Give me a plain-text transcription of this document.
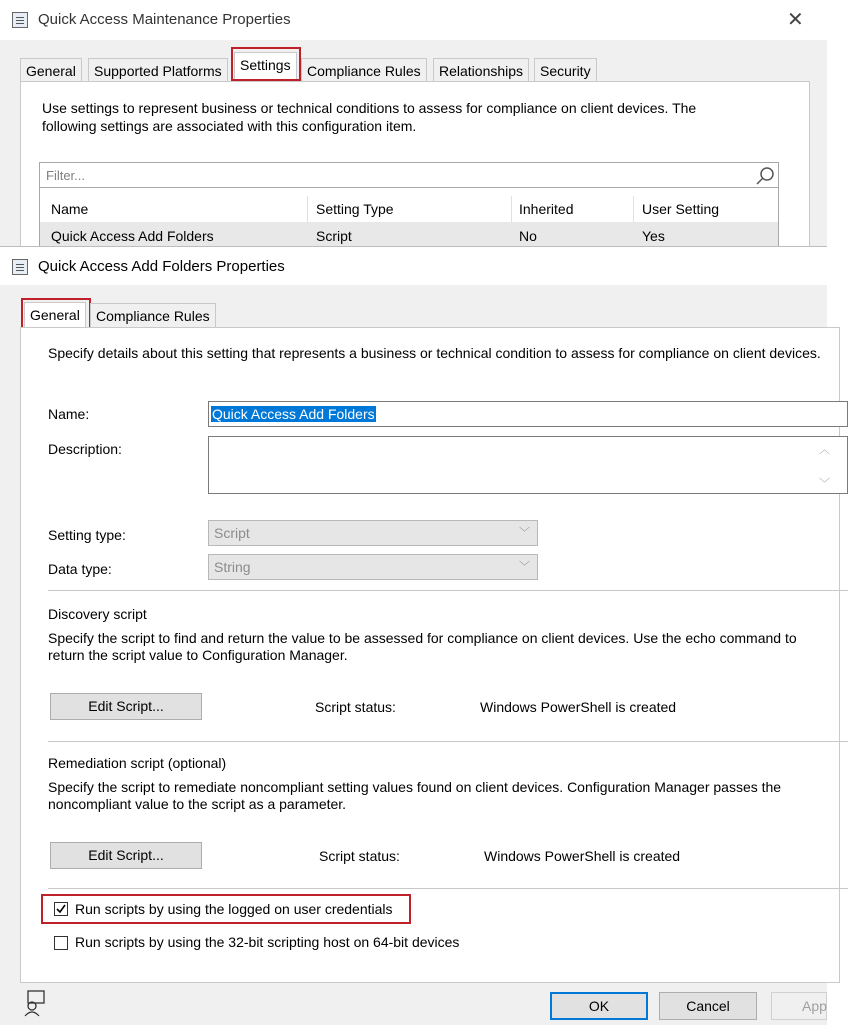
Quick Access Maintenance Properties	✕
General	Supported Platforms	Settings	Compliance Rules	Relationships	Security
Use settings to represent business or technical conditions to assess for compliance on client devices. The following settings are associated with this configuration item.
Filter...
Name	Setting Type	Inherited	User Setting
Quick Access Add Folders	Script	No	Yes
Quick Access Add Folders Properties
General	Compliance Rules
Specify details about this setting that represents a business or technical condition to assess for compliance on client devices.
Name:	Quick Access Add Folders
Description:	︿
﹀
Setting type:	Script	﹀
Data type:	String	﹀
Discovery script
Specify the script to find and return the value to be assessed for compliance on client devices. Use the echo command to return the script value to Configuration Manager.
Edit Script...	Script status:	Windows PowerShell is created
Remediation script (optional)
Specify the script to remediate noncompliant setting values found on client devices. Configuration Manager passes the noncompliant value to the script as a parameter.
Edit Script...	Script status:	Windows PowerShell is created
Run scripts by using the logged on user credentials
Run scripts by using the 32-bit scripting host on 64-bit devices
OK	Cancel	App
